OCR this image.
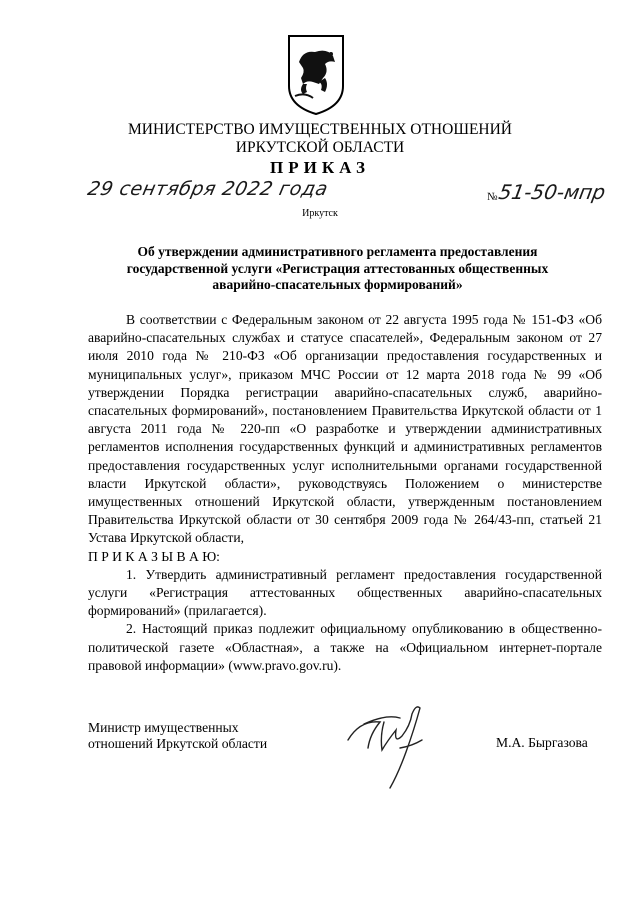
МИНИСТЕРСТВО ИМУЩЕСТВЕННЫХ ОТНОШЕНИЙ
ИРКУТСКОЙ ОБЛАСТИ
ПРИКАЗ
29 сентября 2022 года	№ 51-50-мпр
Иркутск
Об утверждении административного регламента предоставления
государственной услуги «Регистрация аттестованных общественных
аварийно-спасательных формирований»

В соответствии с Федеральным законом от 22 августа 1995 года № 151-ФЗ «Об аварийно-спасательных службах и статусе спасателей», Федеральным законом от 27 июля 2010 года № 210-ФЗ «Об организации предоставления государственных и муниципальных услуг», приказом МЧС России от 12 марта 2018 года № 99 «Об утверждении Порядка регистрации аварийно-спасательных служб, аварийно-спасательных формирований», постановлением Правительства Иркутской области от 1 августа 2011 года № 220-пп «О разработке и утверждении административных регламентов исполнения государственных функций и административных регламентов предоставления государственных услуг исполнительными органами государственной власти Иркутской области», руководствуясь Положением о министерстве имущественных отношений Иркутской области, утвержденным постановлением Правительства Иркутской области от 30 сентября 2009 года № 264/43-пп, статьей 21 Устава Иркутской области,

П Р И К А З Ы В А Ю:

1. Утвердить административный регламент предоставления государственной услуги «Регистрация аттестованных общественных аварийно-спасательных формирований» (прилагается).

2. Настоящий приказ подлежит официальному опубликованию в общественно-политической газете «Областная», а также на «Официальном интернет-портале правовой информации» (www.pravo.gov.ru).

Министр имущественных
отношений Иркутской области	М.А. Быргазова
